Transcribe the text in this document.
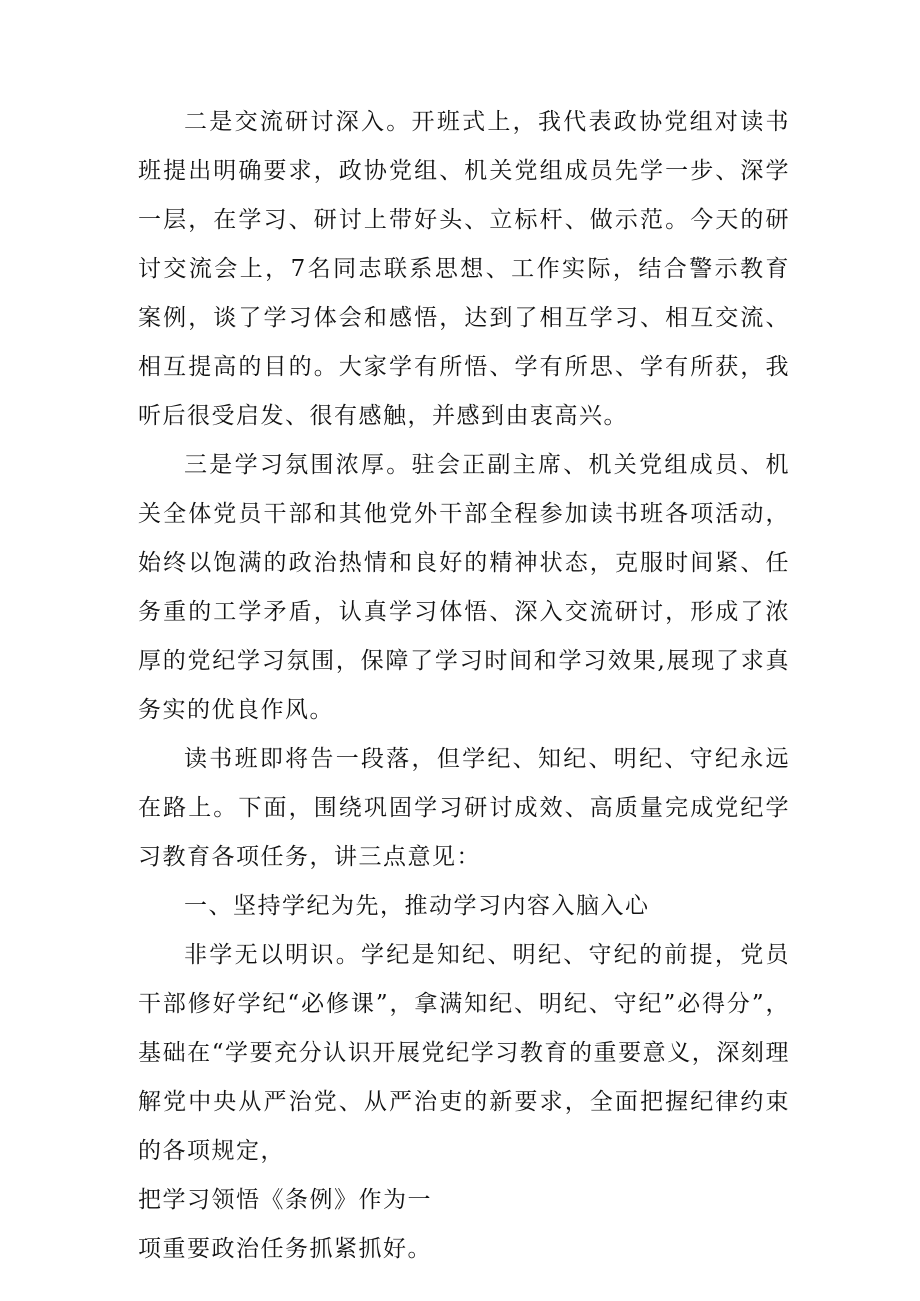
二是交流研讨深入。开班式上，我代表政协党组对读书班提出明确要求，政协党组、机关党组成员先学一步、深学一层，在学习、研讨上带好头、立标杆、做示范。今天的研讨交流会上，7名同志联系思想、工作实际，结合警示教育案例，谈了学习体会和感悟，达到了相互学习、相互交流、相互提高的目的。大家学有所悟、学有所思、学有所获，我听后很受启发、很有感触，并感到由衷高兴。

三是学习氛围浓厚。驻会正副主席、机关党组成员、机关全体党员干部和其他党外干部全程参加读书班各项活动，始终以饱满的政治热情和良好的精神状态，克服时间紧、任务重的工学矛盾，认真学习体悟、深入交流研讨，形成了浓厚的党纪学习氛围，保障了学习时间和学习效果,展现了求真务实的优良作风。

读书班即将告一段落，但学纪、知纪、明纪、守纪永远在路上。下面，围绕巩固学习研讨成效、高质量完成党纪学习教育各项任务，讲三点意见：

一、坚持学纪为先，推动学习内容入脑入心

非学无以明识。学纪是知纪、明纪、守纪的前提，党员干部修好学纪“必修课”，拿满知纪、明纪、守纪”必得分”，基础在“学要充分认识开展党纪学习教育的重要意义，深刻理解党中央从严治党、从严治吏的新要求，全面把握纪律约束的各项规定，

把学习领悟《条例》作为一

项重要政治任务抓紧抓好。
